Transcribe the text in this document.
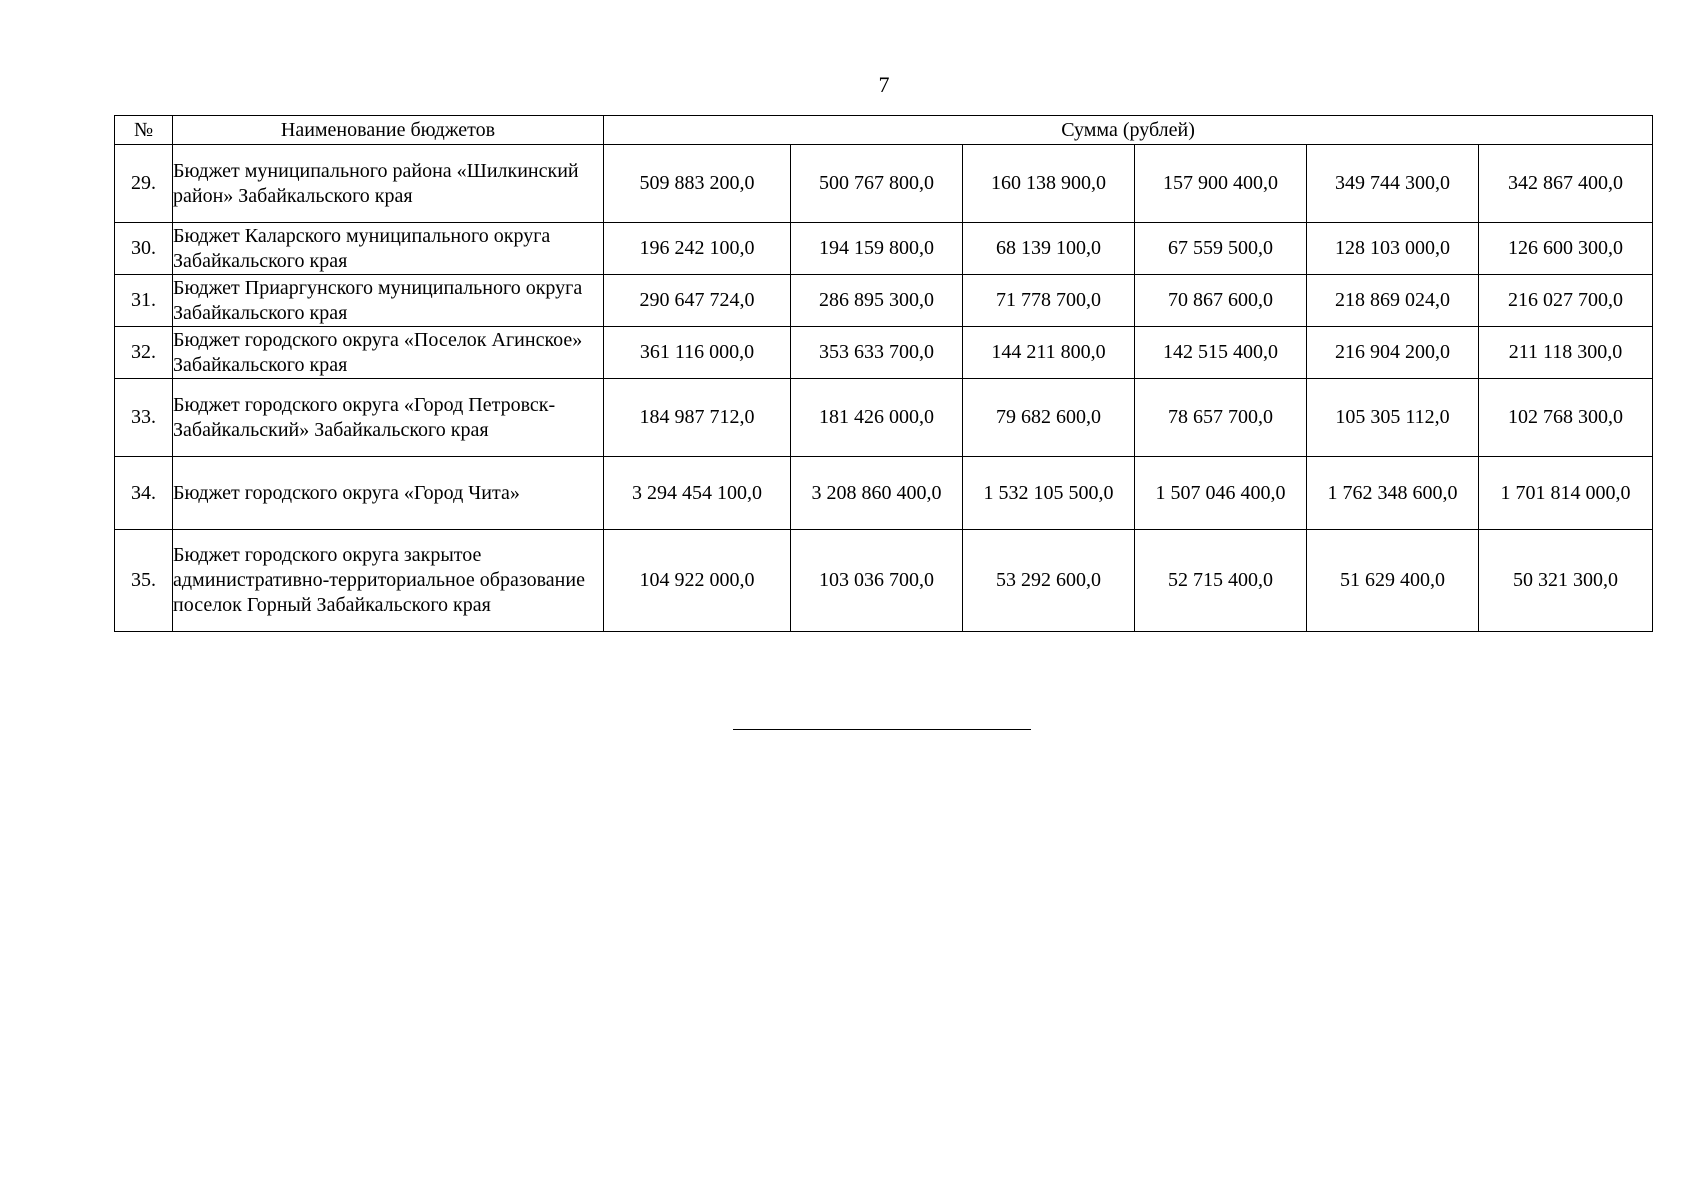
7
№	Наименование бюджетов	Сумма (рублей)					
29.	Бюджет муниципального района «Шилкинский район» Забайкальского края	509 883 200,0	500 767 800,0	160 138 900,0	157 900 400,0	349 744 300,0	342 867 400,0
30.	Бюджет Каларского муниципального округа Забайкальского края	196 242 100,0	194 159 800,0	68 139 100,0	67 559 500,0	128 103 000,0	126 600 300,0
31.	Бюджет Приаргунского муниципального округа Забайкальского края	290 647 724,0	286 895 300,0	71 778 700,0	70 867 600,0	218 869 024,0	216 027 700,0
32.	Бюджет городского округа «Поселок Агинское» Забайкальского края	361 116 000,0	353 633 700,0	144 211 800,0	142 515 400,0	216 904 200,0	211 118 300,0
33.	Бюджет городского округа «Город Петровск-Забайкальский» Забайкальского края	184 987 712,0	181 426 000,0	79 682 600,0	78 657 700,0	105 305 112,0	102 768 300,0
34.	Бюджет городского округа «Город Чита»	3 294 454 100,0	3 208 860 400,0	1 532 105 500,0	1 507 046 400,0	1 762 348 600,0	1 701 814 000,0
35.	Бюджет городского округа закрытое административно-территориальное образование поселок Горный Забайкальского края	104 922 000,0	103 036 700,0	53 292 600,0	52 715 400,0	51 629 400,0	50 321 300,0
